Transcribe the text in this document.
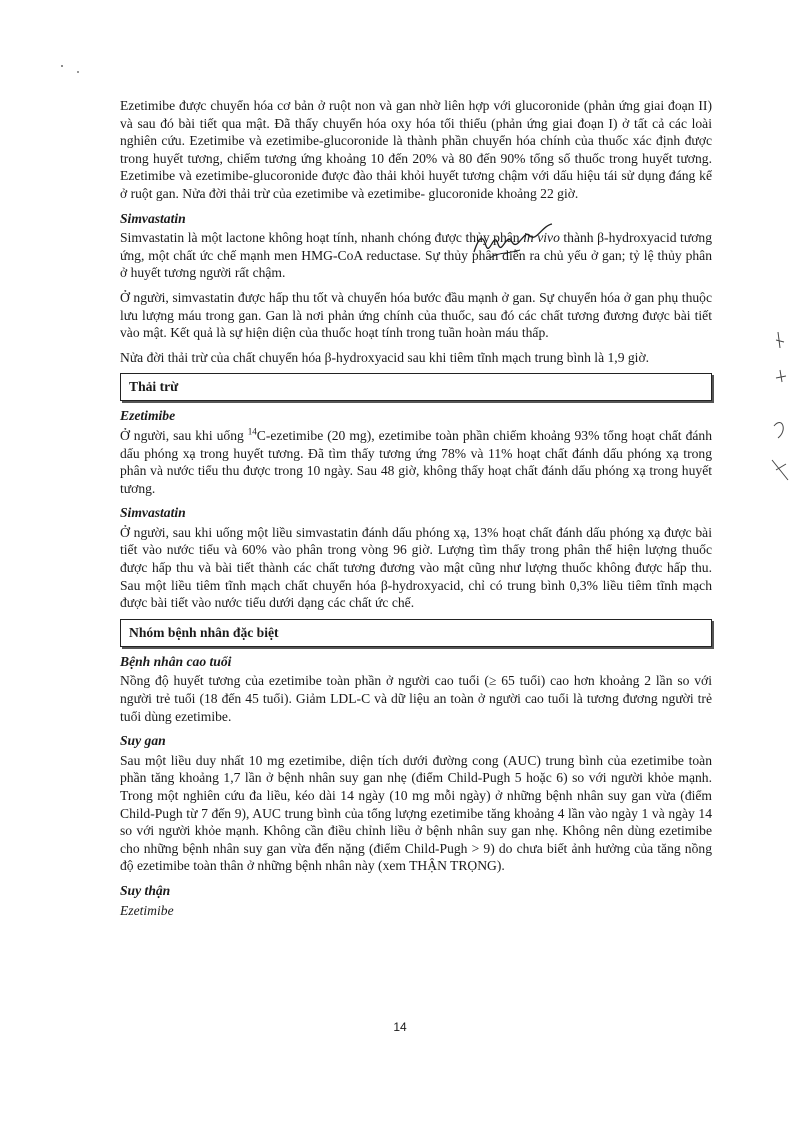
Ezetimibe được chuyển hóa cơ bản ở ruột non và gan nhờ liên hợp với glucoronide (phản ứng giai đoạn II) và sau đó bài tiết qua mật. Đã thấy chuyển hóa oxy hóa tối thiểu (phản ứng giai đoạn I) ở tất cả các loài nghiên cứu. Ezetimibe và ezetimibe-glucoronide là thành phần chuyển hóa chính của thuốc xác định được trong huyết tương, chiếm tương ứng khoảng 10 đến 20% và 80 đến 90% tổng số thuốc trong huyết tương. Ezetimibe và ezetimibe-glucoronide được đào thải khỏi huyết tương chậm với dấu hiệu tái sử dụng đáng kể ở ruột gan. Nửa đời thải trừ của ezetimibe và ezetimibe- glucoronide khoảng 22 giờ.

Simvastatin

Simvastatin là một lactone không hoạt tính, nhanh chóng được thủy phân in vivo thành β-hydroxyacid tương ứng, một chất ức chế mạnh men HMG-CoA reductase. Sự thủy phân diễn ra chủ yếu ở gan; tỷ lệ thủy phân ở huyết tương người rất chậm.

Ở người, simvastatin được hấp thu tốt và chuyển hóa bước đầu mạnh ở gan. Sự chuyển hóa ở gan phụ thuộc lưu lượng máu trong gan. Gan là nơi phản ứng chính của thuốc, sau đó các chất tương đương được bài tiết vào mật. Kết quả là sự hiện diện của thuốc hoạt tính trong tuần hoàn máu thấp.

Nửa đời thải trừ của chất chuyển hóa β-hydroxyacid sau khi tiêm tĩnh mạch trung bình là 1,9 giờ.

Thải trừ
Ezetimibe

Ở người, sau khi uống $^{14}$C-ezetimibe (20 mg), ezetimibe toàn phần chiếm khoảng 93% tổng hoạt chất đánh dấu phóng xạ trong huyết tương. Đã tìm thấy tương ứng 78% và 11% hoạt chất đánh dấu phóng xạ trong phân và nước tiểu thu được trong 10 ngày. Sau 48 giờ, không thấy hoạt chất đánh dấu phóng xạ trong huyết tương.

Simvastatin

Ở người, sau khi uống một liều simvastatin đánh dấu phóng xạ, 13% hoạt chất đánh dấu phóng xạ được bài tiết vào nước tiểu và 60% vào phân trong vòng 96 giờ. Lượng tìm thấy trong phân thể hiện lượng thuốc được hấp thu và bài tiết thành các chất tương đương vào mật cũng như lượng thuốc không được hấp thu. Sau một liều tiêm tĩnh mạch chất chuyển hóa β-hydroxyacid, chỉ có trung bình 0,3% liều tiêm tĩnh mạch được bài tiết vào nước tiểu dưới dạng các chất ức chế.

Nhóm bệnh nhân đặc biệt
Bệnh nhân cao tuổi

Nồng độ huyết tương của ezetimibe toàn phần ở người cao tuổi (≥ 65 tuổi) cao hơn khoảng 2 lần so với người trẻ tuổi (18 đến 45 tuổi). Giảm LDL-C và dữ liệu an toàn ở người cao tuổi là tương đương người trẻ tuổi dùng ezetimibe.

Suy gan

Sau một liều duy nhất 10 mg ezetimibe, diện tích dưới đường cong (AUC) trung bình của ezetimibe toàn phần tăng khoảng 1,7 lần ở bệnh nhân suy gan nhẹ (điểm Child-Pugh 5 hoặc 6) so với người khỏe mạnh. Trong một nghiên cứu đa liều, kéo dài 14 ngày (10 mg mỗi ngày) ở những bệnh nhân suy gan vừa (điểm Child-Pugh từ 7 đến 9), AUC trung bình của tổng lượng ezetimibe tăng khoảng 4 lần vào ngày 1 và ngày 14 so với người khỏe mạnh. Không cần điều chỉnh liều ở bệnh nhân suy gan nhẹ. Không nên dùng ezetimibe cho những bệnh nhân suy gan vừa đến nặng (điểm Child-Pugh > 9) do chưa biết ảnh hưởng của tăng nồng độ ezetimibe toàn thân ở những bệnh nhân này (xem THẬN TRỌNG).

Suy thận
Ezetimibe
14
